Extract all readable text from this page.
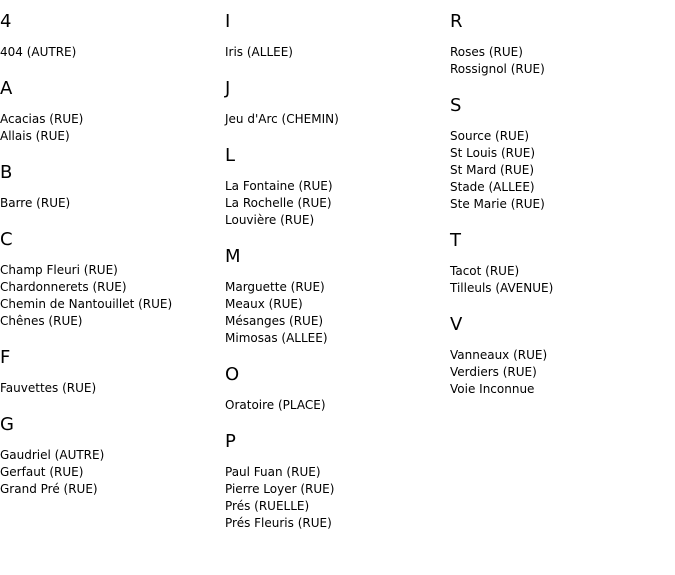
4
404 (AUTRE)
A
Acacias (RUE)
Allais (RUE)
B
Barre (RUE)
C
Champ Fleuri (RUE)
Chardonnerets (RUE)
Chemin de Nantouillet (RUE)
Chênes (RUE)
F
Fauvettes (RUE)
G
Gaudriel (AUTRE)
Gerfaut (RUE)
Grand Pré (RUE)
I
Iris (ALLEE)
J
Jeu d'Arc (CHEMIN)
L
La Fontaine (RUE)
La Rochelle (RUE)
Louvière (RUE)
M
Marguette (RUE)
Meaux (RUE)
Mésanges (RUE)
Mimosas (ALLEE)
O
Oratoire (PLACE)
P
Paul Fuan (RUE)
Pierre Loyer (RUE)
Prés (RUELLE)
Prés Fleuris (RUE)
R
Roses (RUE)
Rossignol (RUE)
S
Source (RUE)
St Louis (RUE)
St Mard (RUE)
Stade (ALLEE)
Ste Marie (RUE)
T
Tacot (RUE)
Tilleuls (AVENUE)
V
Vanneaux (RUE)
Verdiers (RUE)
Voie Inconnue
